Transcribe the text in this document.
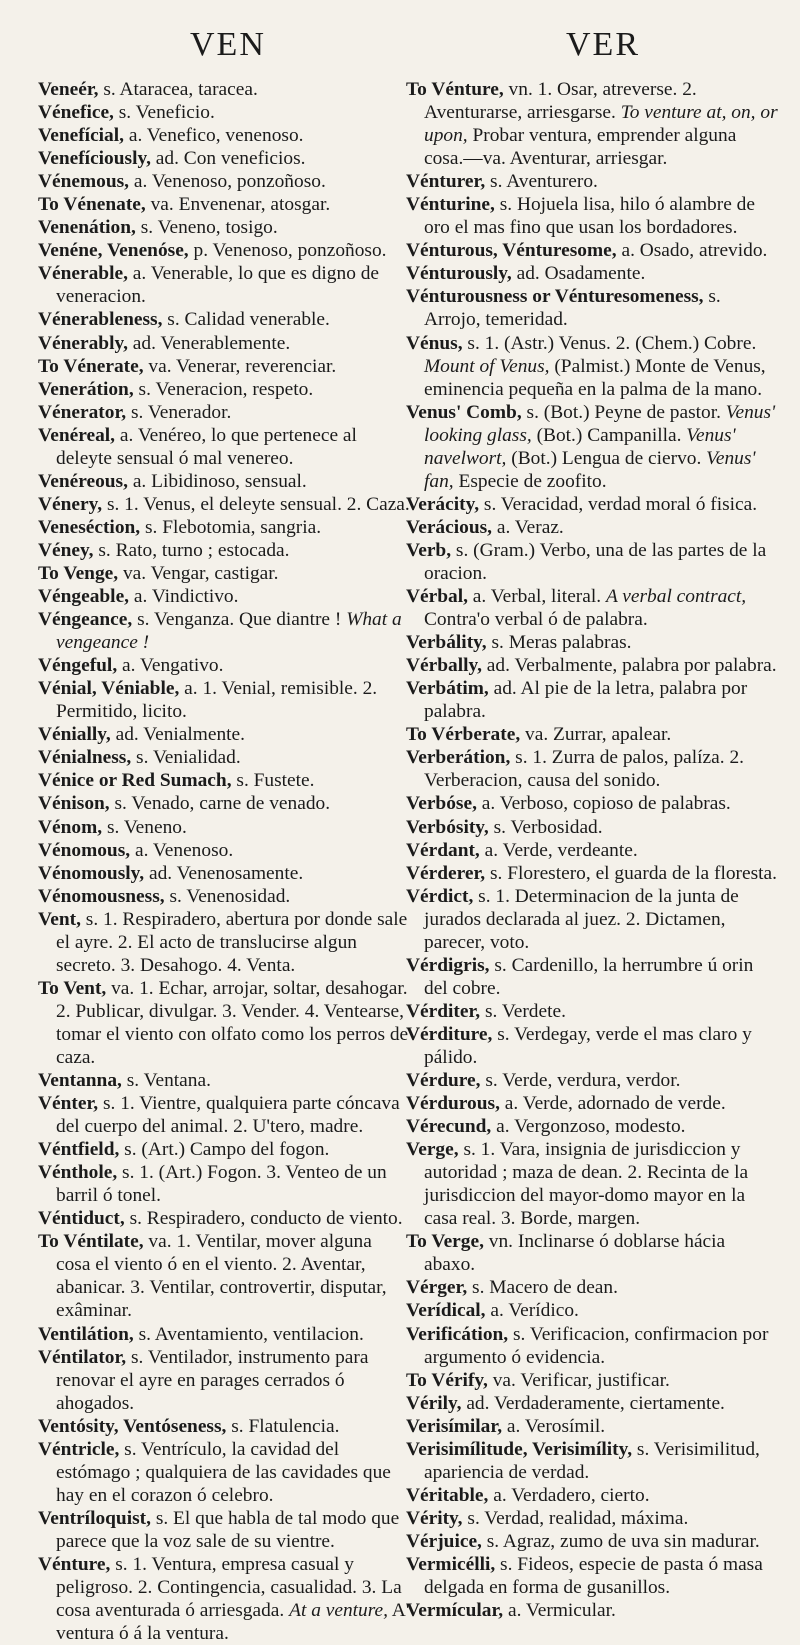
VEN	VER

Veneér, s. Ataracea, taracea.

Vénefice, s. Veneficio.

Venefícial, a. Venefico, venenoso.

Venefíciously, ad. Con veneficios.

Vénemous, a. Venenoso, ponzoñoso.

To Vénenate, va. Envenenar, atosgar.

Venenátion, s. Veneno, tosigo.

Venéne, Venenóse, p. Venenoso, ponzoñoso.

Vénerable, a. Venerable, lo que es digno de veneracion.

Vénerableness, s. Calidad venerable.

Vénerably, ad. Venerablemente.

To Vénerate, va. Venerar, reverenciar.

Venerátion, s. Veneracion, respeto.

Vénerator, s. Venerador.

Venéreal, a. Venéreo, lo que pertenece al deleyte sensual ó mal venereo.

Venéreous, a. Libidinoso, sensual.

Vénery, s. 1. Venus, el deleyte sensual. 2. Caza.

Veneséction, s. Flebotomia, sangria.

Véney, s. Rato, turno ; estocada.

To Venge, va. Vengar, castigar.

Véngeable, a. Vindictivo.

Véngeance, s. Venganza. Que diantre ! What a vengeance !

Véngeful, a. Vengativo.

Vénial, Véniable, a. 1. Venial, remisible. 2. Permitido, licito.

Vénially, ad. Venialmente.

Vénialness, s. Venialidad.

Vénice or Red Sumach, s. Fustete.

Vénison, s. Venado, carne de venado.

Vénom, s. Veneno.

Vénomous, a. Venenoso.

Vénomously, ad. Venenosamente.

Vénomousness, s. Venenosidad.

Vent, s. 1. Respiradero, abertura por donde sale el ayre. 2. El acto de translucirse algun secreto. 3. Desahogo. 4. Venta.

To Vent, va. 1. Echar, arrojar, soltar, desahogar. 2. Publicar, divulgar. 3. Vender. 4. Ventearse, tomar el viento con olfato como los perros de caza.

Ventanna, s. Ventana.

Vénter, s. 1. Vientre, qualquiera parte cóncava del cuerpo del animal. 2. U'tero, madre.

Véntfield, s. (Art.) Campo del fogon.

Vénthole, s. 1. (Art.) Fogon. 3. Venteo de un barril ó tonel.

Véntiduct, s. Respiradero, conducto de viento.

To Véntilate, va. 1. Ventilar, mover alguna cosa el viento ó en el viento. 2. Aventar, abanicar. 3. Ventilar, controvertir, disputar, exâminar.

Ventilátion, s. Aventamiento, ventilacion.

Véntilator, s. Ventilador, instrumento para renovar el ayre en parages cerrados ó ahogados.

Ventósity, Ventóseness, s. Flatulencia.

Véntricle, s. Ventrículo, la cavidad del estómago ; qualquiera de las cavidades que hay en el corazon ó celebro.

Ventríloquist, s. El que habla de tal modo que parece que la voz sale de su vientre.

Vénture, s. 1. Ventura, empresa casual y peligroso. 2. Contingencia, casualidad. 3. La cosa aventurada ó arriesgada. At a venture, A' ventura ó á la ventura.

To Vénture, vn. 1. Osar, atreverse. 2. Aventurarse, arriesgarse. To venture at, on, or upon, Probar ventura, emprender alguna cosa.—va. Aventurar, arriesgar.

Vénturer, s. Aventurero.

Vénturine, s. Hojuela lisa, hilo ó alambre de oro el mas fino que usan los bordadores.

Vénturous, Vénturesome, a. Osado, atrevido.

Vénturously, ad. Osadamente.

Vénturousness or Vénturesomeness, s. Arrojo, temeridad.

Vénus, s. 1. (Astr.) Venus. 2. (Chem.) Cobre. Mount of Venus, (Palmist.) Monte de Venus, eminencia pequeña en la palma de la mano.

Venus' Comb, s. (Bot.) Peyne de pastor. Venus' looking glass, (Bot.) Campanilla. Venus' navelwort, (Bot.) Lengua de ciervo. Venus' fan, Especie de zoofito.

Verácity, s. Veracidad, verdad moral ó fisica.

Verácious, a. Veraz.

Verb, s. (Gram.) Verbo, una de las partes de la oracion.

Vérbal, a. Verbal, literal. A verbal contract, Contra'o verbal ó de palabra.

Verbálity, s. Meras palabras.

Vérbally, ad. Verbalmente, palabra por palabra.

Verbátim, ad. Al pie de la letra, palabra por palabra.

To Vérberate, va. Zurrar, apalear.

Verberátion, s. 1. Zurra de palos, palíza. 2. Verberacion, causa del sonido.

Verbóse, a. Verboso, copioso de palabras.

Verbósity, s. Verbosidad.

Vérdant, a. Verde, verdeante.

Vérderer, s. Florestero, el guarda de la floresta.

Vérdict, s. 1. Determinacion de la junta de jurados declarada al juez. 2. Dictamen, parecer, voto.

Vérdigris, s. Cardenillo, la herrumbre ú orin del cobre.

Vérditer, s. Verdete.

Vérditure, s. Verdegay, verde el mas claro y pálido.

Vérdure, s. Verde, verdura, verdor.

Vérdurous, a. Verde, adornado de verde.

Vérecund, a. Vergonzoso, modesto.

Verge, s. 1. Vara, insignia de jurisdiccion y autoridad ; maza de dean. 2. Recinta de la jurisdiccion del mayor-domo mayor en la casa real. 3. Borde, margen.

To Verge, vn. Inclinarse ó doblarse hácia abaxo.

Vérger, s. Macero de dean.

Verídical, a. Verídico.

Verificátion, s. Verificacion, confirmacion por argumento ó evidencia.

To Vérify, va. Verificar, justificar.

Vérily, ad. Verdaderamente, ciertamente.

Verisímilar, a. Verosímil.

Verisimílitude, Verisimílity, s. Verisimilitud, apariencia de verdad.

Véritable, a. Verdadero, cierto.

Vérity, s. Verdad, realidad, máxima.

Vérjuice, s. Agraz, zumo de uva sin madurar.

Vermicélli, s. Fideos, especie de pasta ó masa delgada en forma de gusanillos.

Vermícular, a. Vermicular.
